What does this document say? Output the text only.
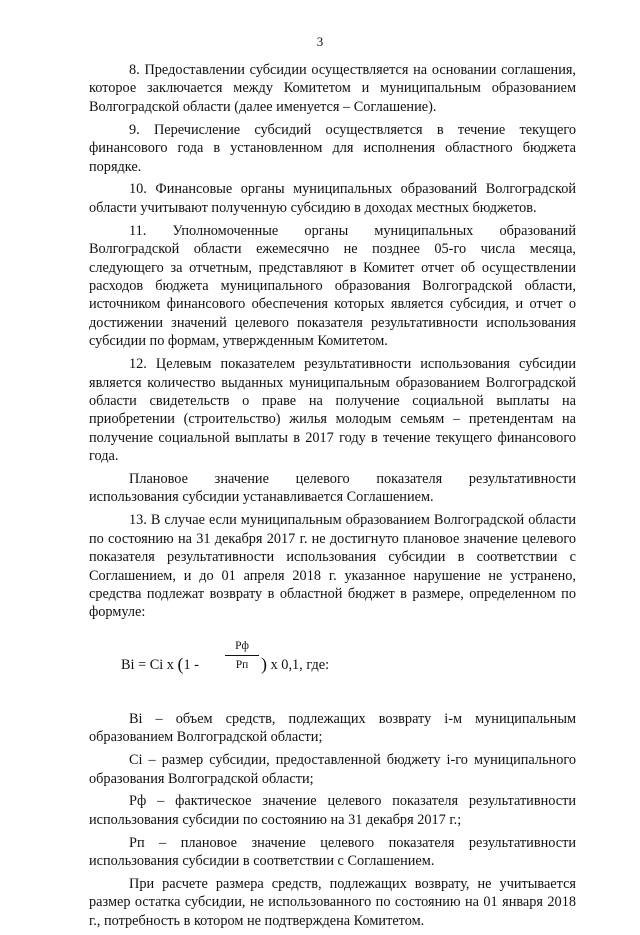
3

8. Предоставлении субсидии осуществляется на основании соглашения, которое заключается между Комитетом и муниципальным образованием Волгоградской области (далее именуется – Соглашение).

9. Перечисление субсидий осуществляется в течение текущего финансового года в установленном для исполнения областного бюджета порядке.

10. Финансовые органы муниципальных образований Волгоградской области учитывают полученную субсидию в доходах местных бюджетов.

11. Уполномоченные органы муниципальных образований Волгоградской области ежемесячно не позднее 05-го числа месяца, следующего за отчетным, представляют в Комитет отчет об осуществлении расходов бюджета муниципального образования Волгоградской области, источником финансового обеспечения которых является субсидия, и отчет о достижении значений целевого показателя результативности использования субсидии по формам, утвержденным Комитетом.

12. Целевым показателем результативности использования субсидии является количество выданных муниципальным образованием Волгоградской области свидетельств о праве на получение социальной выплаты на приобретении (строительство) жилья молодым семьям – претендентам на получение социальной выплаты в 2017 году в течение текущего финансового года.

Плановое значение целевого показателя результативности использования субсидии устанавливается Соглашением.

13. В случае если муниципальным образованием Волгоградской области по состоянию на 31 декабря 2017 г. не достигнуто плановое значение целевого показателя результативности использования субсидии в соответствии с Соглашением, и до 01 апреля 2018 г. указанное нарушение не устранено, средства подлежат возврату в областной бюджет в размере, определенном по формуле:

Bi = Ci x (1 -
Pф
Pп ) x 0,1, где:

Bi – объем средств, подлежащих возврату i-м муниципальным образованием Волгоградской области;

Ci – размер субсидии, предоставленной бюджету i-го муниципального образования Волгоградской области;

Pф – фактическое значение целевого показателя результативности использования субсидии по состоянию на 31 декабря 2017 г.;

Pп – плановое значение целевого показателя результативности использования субсидии в соответствии с Соглашением.

При расчете размера средств, подлежащих возврату, не учитывается размер остатка субсидии, не использованного по состоянию на 01 января 2018 г., потребность в котором не подтверждена Комитетом.
